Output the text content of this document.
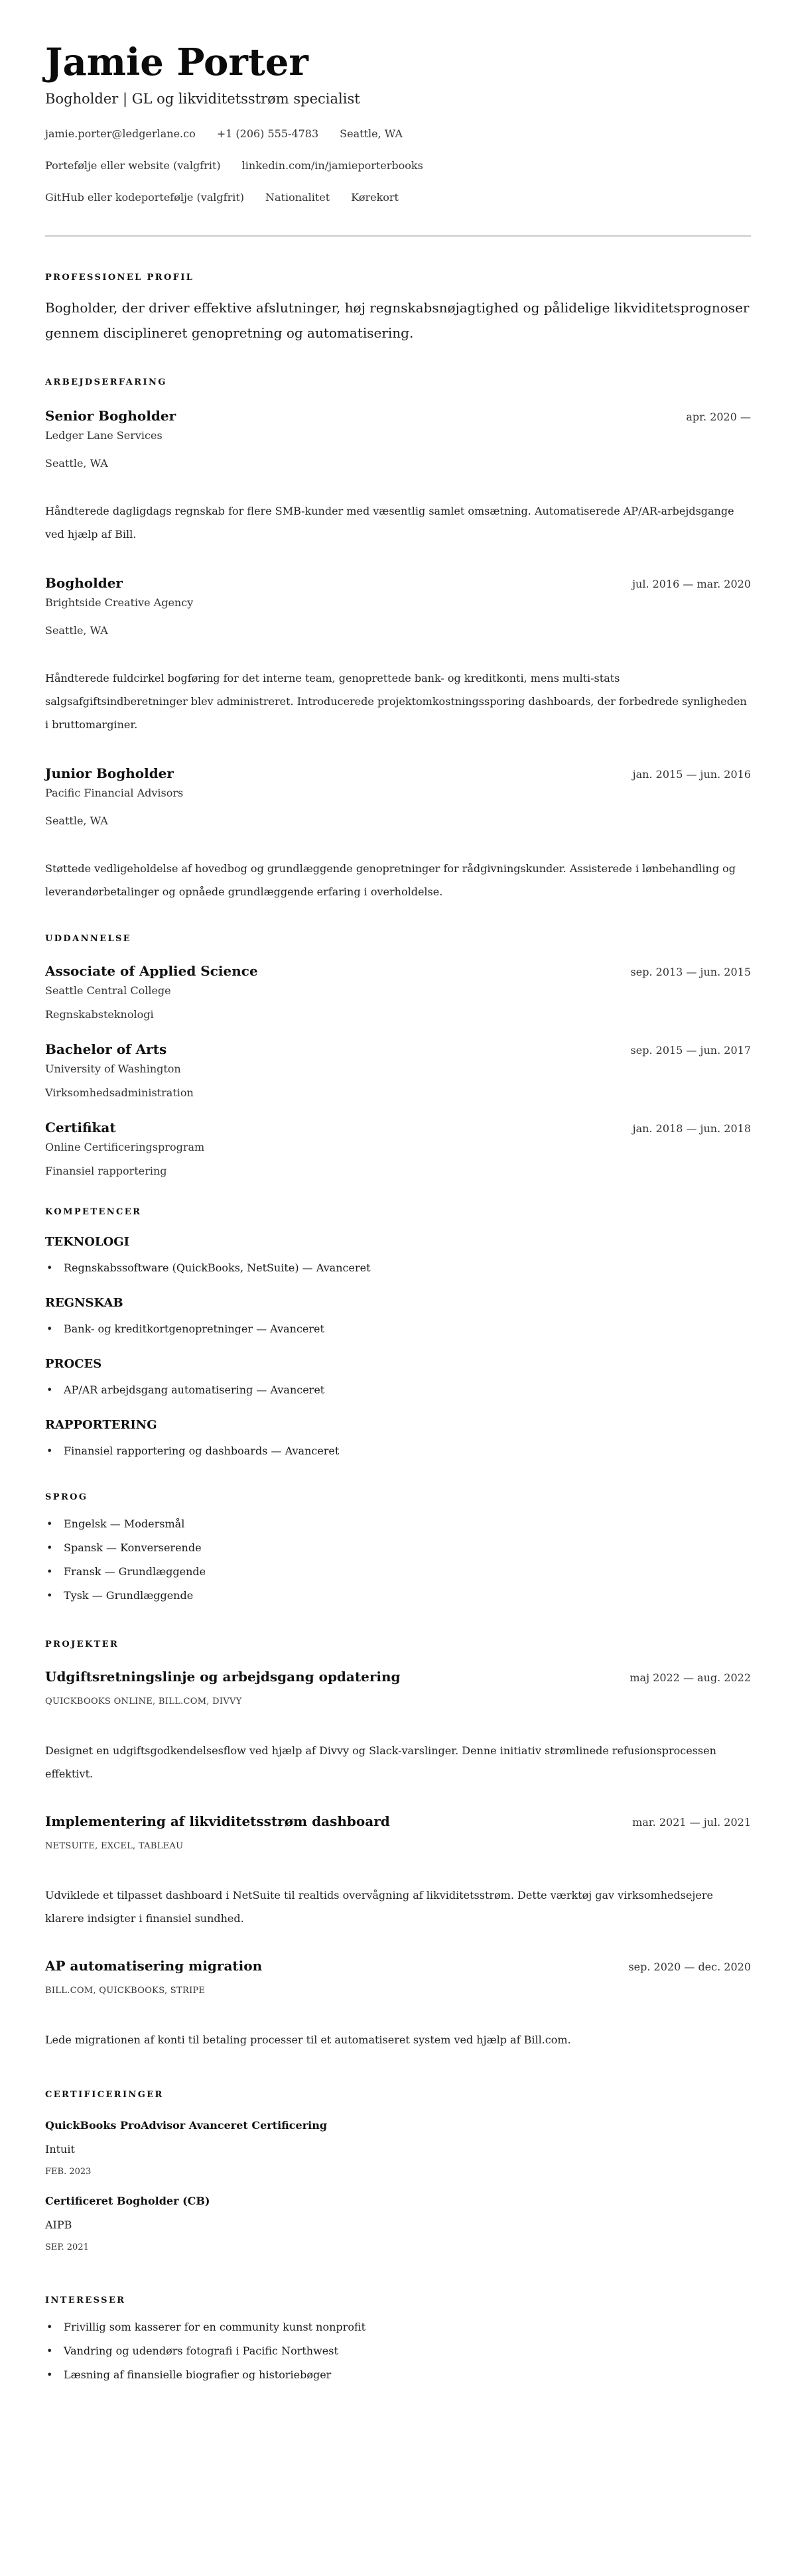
Jamie Porter
Bogholder | GL og likviditetsstrøm specialist
jamie.porter@ledgerlane.co +1 (206) 555-4783 Seattle, WA
Portefølje eller website (valgfrit) linkedin.com/in/jamieporterbooks
GitHub eller kodeportefølje (valgfrit) Nationalitet Kørekort
PROFESSIONEL PROFIL

Bogholder, der driver effektive afslutninger, høj regnskabsnøjagtighed og pålidelige likviditetsprognoser gennem disciplineret genopretning og automatisering.

ARBEJDSERFARING
Senior Bogholder	apr. 2020 —
Ledger Lane Services
Seattle, WA

Håndterede dagligdags regnskab for flere SMB-kunder med væsentlig samlet omsætning. Automatiserede AP/AR-arbejdsgange ved hjælp af Bill.

Bogholder	jul. 2016 — mar. 2020
Brightside Creative Agency
Seattle, WA

Håndterede fuldcirkel bogføring for det interne team, genoprettede bank- og kreditkonti, mens multi-stats salgsafgiftsindberetninger blev administreret. Introducerede projektomkostningssporing dashboards, der forbedrede synligheden i bruttomarginer.

Junior Bogholder	jan. 2015 — jun. 2016
Pacific Financial Advisors
Seattle, WA

Støttede vedligeholdelse af hovedbog og grundlæggende genopretninger for rådgivningskunder. Assisterede i lønbehandling og leverandørbetalinger og opnåede grundlæggende erfaring i overholdelse.

UDDANNELSE
Associate of Applied Science	sep. 2013 — jun. 2015
Seattle Central College
Regnskabsteknologi
Bachelor of Arts	sep. 2015 — jun. 2017
University of Washington
Virksomhedsadministration
Certifikat	jan. 2018 — jun. 2018
Online Certificeringsprogram
Finansiel rapportering
KOMPETENCER
TEKNOLOGI
• Regnskabssoftware (QuickBooks, NetSuite) — Avanceret
REGNSKAB
• Bank- og kreditkortgenopretninger — Avanceret
PROCES
• AP/AR arbejdsgang automatisering — Avanceret
RAPPORTERING
• Finansiel rapportering og dashboards — Avanceret
SPROG
• Engelsk — Modersmål
• Spansk — Konverserende
• Fransk — Grundlæggende
• Tysk — Grundlæggende
PROJEKTER
Udgiftsretningslinje og arbejdsgang opdatering	maj 2022 — aug. 2022
QUICKBOOKS ONLINE, BILL.COM, DIVVY

Designet en udgiftsgodkendelsesflow ved hjælp af Divvy og Slack-varslinger. Denne initiativ strømlinede refusionsprocessen effektivt.

Implementering af likviditetsstrøm dashboard	mar. 2021 — jul. 2021
NETSUITE, EXCEL, TABLEAU

Udviklede et tilpasset dashboard i NetSuite til realtids overvågning af likviditetsstrøm. Dette værktøj gav virksomhedsejere klarere indsigter i finansiel sundhed.

AP automatisering migration	sep. 2020 — dec. 2020
BILL.COM, QUICKBOOKS, STRIPE

Lede migrationen af konti til betaling processer til et automatiseret system ved hjælp af Bill.com.

CERTIFICERINGER
QuickBooks ProAdvisor Avanceret Certificering
Intuit
FEB. 2023
Certificeret Bogholder (CB)
AIPB
SEP. 2021
INTERESSER
• Frivillig som kasserer for en community kunst nonprofit
• Vandring og udendørs fotografi i Pacific Northwest
• Læsning af finansielle biografier og historiebøger
